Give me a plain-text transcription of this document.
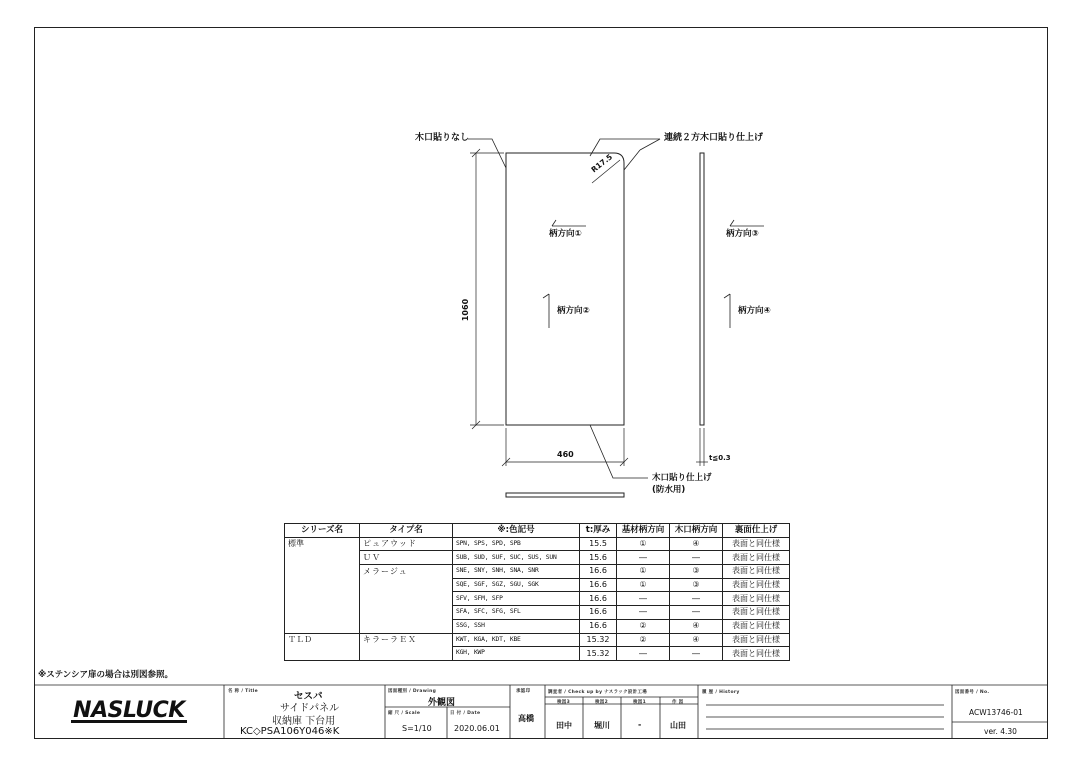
木口貼りなし	連続２方木口貼り仕上げ
R17.5
柄方向①
柄方向②
柄方向③
柄方向④
1060
460	t≦0.3
木口貼り仕上げ
(防水用)
シリーズ名	タイプ名	※:色記号	t:厚み	基材柄方向	木口柄方向	裏面仕上げ
標準	ピュアウッド	SPN, SPS, SPD, SPB	15.5	①	④	表面と同仕様
	ＵＶ	SUB, SUD, SUF, SUC, SUS, SUN	15.6	―	―	表面と同仕様
	メラージュ	SNE, SNY, SNH, SNA, SNR	16.6	①	③	表面と同仕様
		SQE, SGF, SGZ, SGU, SGK	16.6	①	③	表面と同仕様
		SFV, SFM, SFP	16.6	―	―	表面と同仕様
		SFA, SFC, SFG, SFL	16.6	―	―	表面と同仕様
		SSG, SSH	16.6	②	④	表面と同仕様
ＴＬＤ	キラーラＥＸ	KWT, KGA, KDT, KBE	15.32	②	④	表面と同仕様
		KGH, KWP	15.32	―	―	表面と同仕様
※ステンシア扉の場合は別図参照。
NASLUCK
名 称 / Title	セスパ
サイドパネル
収納庫 下台用
KC◇PSA106Y046※K
図面種別 / Drawing
外観図
縮 尺 / Scale
S=1/10
日 付 / Date
2020.06.01
承認印
高橋
調査者 / Check up by ナスラック設計工場
検図3	検図2	検図1	作 図
田中	堀川	-	山田
履 歴 / History	図面番号 / No.
ACW13746-01
ver. 4.30
